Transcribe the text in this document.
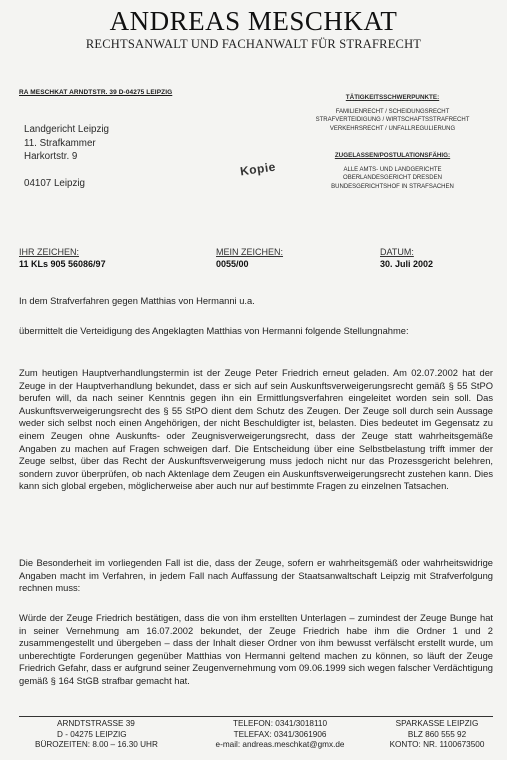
ANDREAS MESCHKAT
RECHTSANWALT UND FACHANWALT FÜR STRAFRECHT
RA MESCHKAT ARNDTSTR. 39 D-04275 LEIPZIG
Landgericht Leipzig
11. Strafkammer
Harkortstr. 9
04107 Leipzig
Kopie
TÄTIGKEITSSCHWERPUNKTE:
FAMILIENRECHT / SCHEIDUNGSRECHT
STRAFVERTEIDIGUNG / WIRTSCHAFTSSTRAFRECHT
VERKEHRSRECHT / UNFALLREGULIERUNG
ZUGELASSEN/POSTULATIONSFÄHIG:
ALLE AMTS- UND LANDGERICHTE
OBERLANDESGERICHT DRESDEN
BUNDESGERICHTSHOF IN STRAFSACHEN
IHR ZEICHEN:
11 KLs 905 56086/97
MEIN ZEICHEN:
0055/00
DATUM:
30. Juli 2002
In dem Strafverfahren gegen Matthias von Hermanni u.a.
übermittelt die Verteidigung des Angeklagten Matthias von Hermanni folgende Stellungnahme:
Zum heutigen Hauptverhandlungstermin ist der Zeuge Peter Friedrich erneut geladen. Am 02.07.2002 hat der Zeuge in der Hauptverhandlung bekundet, dass er sich auf sein Auskunftsverweigerungsrecht gemäß § 55 StPO berufen will, da nach seiner Kenntnis gegen ihn ein Ermittlungsverfahren eingeleitet worden sein soll. Das Auskunftsverweigerungsrecht des § 55 StPO dient dem Schutz des Zeugen. Der Zeuge soll durch sein Aussage weder sich selbst noch einen Angehörigen, der nicht Beschuldigter ist, belasten. Dies bedeutet im Gegensatz zu einem Zeugen ohne Auskunfts- oder Zeugnisverweigerungsrecht, dass der Zeuge statt wahrheitsgemäße Angaben zu machen auf Fragen schweigen darf. Die Entscheidung über eine Selbstbelastung trifft immer der Zeuge selbst, über das Recht der Auskunftsverweigerung muss jedoch nicht nur das Prozessgericht belehren, sondern zuvor überprüfen, ob nach Aktenlage dem Zeugen ein Auskunftsverweigerungsrecht zustehen kann. Dies kann sich global ergeben, möglicherweise aber auch nur auf bestimmte Fragen zu einzelnen Tatsachen.
Die Besonderheit im vorliegenden Fall ist die, dass der Zeuge, sofern er wahrheitsgemäß oder wahrheitswidrige Angaben macht im Verfahren, in jedem Fall nach Auffassung der Staatsanwaltschaft Leipzig mit Strafverfolgung rechnen muss:
Würde der Zeuge Friedrich bestätigen, dass die von ihm erstellten Unterlagen – zumindest der Zeuge Bunge hat in seiner Vernehmung am 16.07.2002 bekundet, der Zeuge Friedrich habe ihm die Ordner 1 und 2 zusammengestellt und übergeben – dass der Inhalt dieser Ordner von ihm bewusst verfälscht erstellt wurde, um unberechtigte Forderungen gegenüber Matthias von Hermanni geltend machen zu können, so läuft der Zeuge Friedrich Gefahr, dass er aufgrund seiner Zeugenvernehmung vom 09.06.1999 sich wegen falscher Verdächtigung gemäß § 164 StGB strafbar gemacht hat.
ARNDTSTRASSE 39
D - 04275 LEIPZIG
BÜROZEITEN: 8.00 – 16.30 UHR
TELEFON: 0341/3018110
TELEFAX: 0341/3061906
e-mail: andreas.meschkat@gmx.de
SPARKASSE LEIPZIG
BLZ 860 555 92
KONTO: NR. 1100673500
